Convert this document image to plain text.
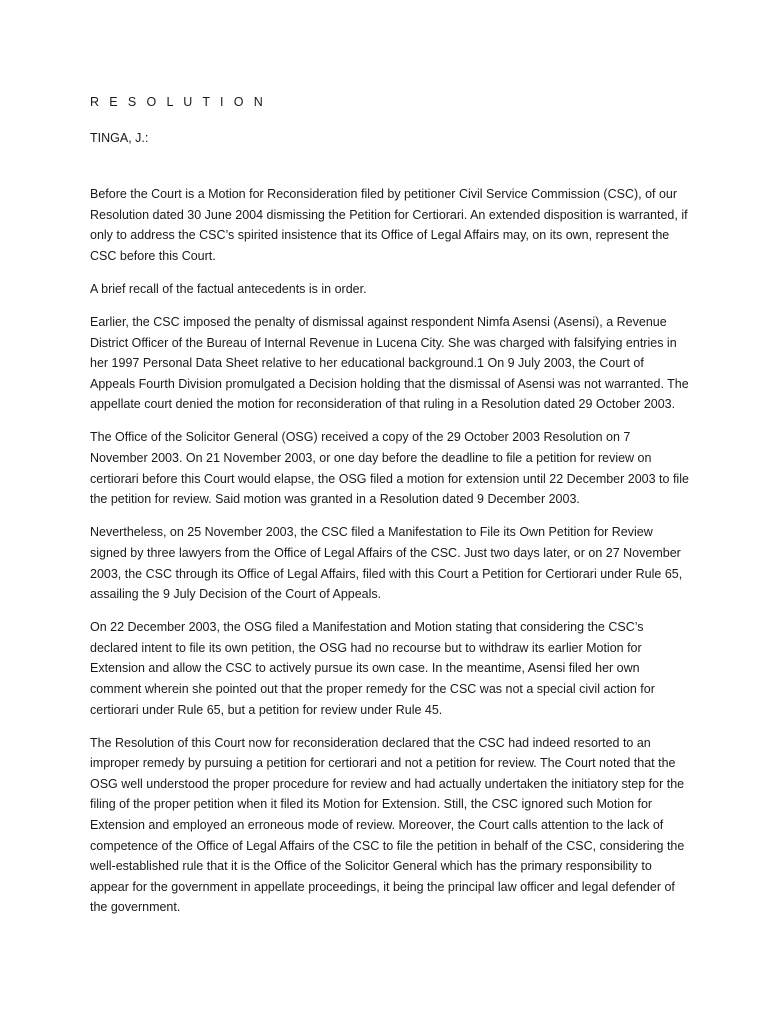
R E S O L U T I O N
TINGA, J.:

Before the Court is a Motion for Reconsideration filed by petitioner Civil Service Commission (CSC), of our Resolution dated 30 June 2004 dismissing the Petition for Certiorari. An extended disposition is warranted, if only to address the CSC’s spirited insistence that its Office of Legal Affairs may, on its own, represent the CSC before this Court.

A brief recall of the factual antecedents is in order.

Earlier, the CSC imposed the penalty of dismissal against respondent Nimfa Asensi (Asensi), a Revenue District Officer of the Bureau of Internal Revenue in Lucena City. She was charged with falsifying entries in her 1997 Personal Data Sheet relative to her educational background.1 On 9 July 2003, the Court of Appeals Fourth Division promulgated a Decision holding that the dismissal of Asensi was not warranted. The appellate court denied the motion for reconsideration of that ruling in a Resolution dated 29 October 2003.

The Office of the Solicitor General (OSG) received a copy of the 29 October 2003 Resolution on 7 November 2003. On 21 November 2003, or one day before the deadline to file a petition for review on certiorari before this Court would elapse, the OSG filed a motion for extension until 22 December 2003 to file the petition for review. Said motion was granted in a Resolution dated 9 December 2003.

Nevertheless, on 25 November 2003, the CSC filed a Manifestation to File its Own Petition for Review signed by three lawyers from the Office of Legal Affairs of the CSC. Just two days later, or on 27 November 2003, the CSC through its Office of Legal Affairs, filed with this Court a Petition for Certiorari under Rule 65, assailing the 9 July Decision of the Court of Appeals.

On 22 December 2003, the OSG filed a Manifestation and Motion stating that considering the CSC’s declared intent to file its own petition, the OSG had no recourse but to withdraw its earlier Motion for Extension and allow the CSC to actively pursue its own case. In the meantime, Asensi filed her own comment wherein she pointed out that the proper remedy for the CSC was not a special civil action for certiorari under Rule 65, but a petition for review under Rule 45.

The Resolution of this Court now for reconsideration declared that the CSC had indeed resorted to an improper remedy by pursuing a petition for certiorari and not a petition for review. The Court noted that the OSG well understood the proper procedure for review and had actually undertaken the initiatory step for the filing of the proper petition when it filed its Motion for Extension. Still, the CSC ignored such Motion for Extension and employed an erroneous mode of review. Moreover, the Court calls attention to the lack of competence of the Office of Legal Affairs of the CSC to file the petition in behalf of the CSC, considering the well-established rule that it is the Office of the Solicitor General which has the primary responsibility to appear for the government in appellate proceedings, it being the principal law officer and legal defender of the government.
